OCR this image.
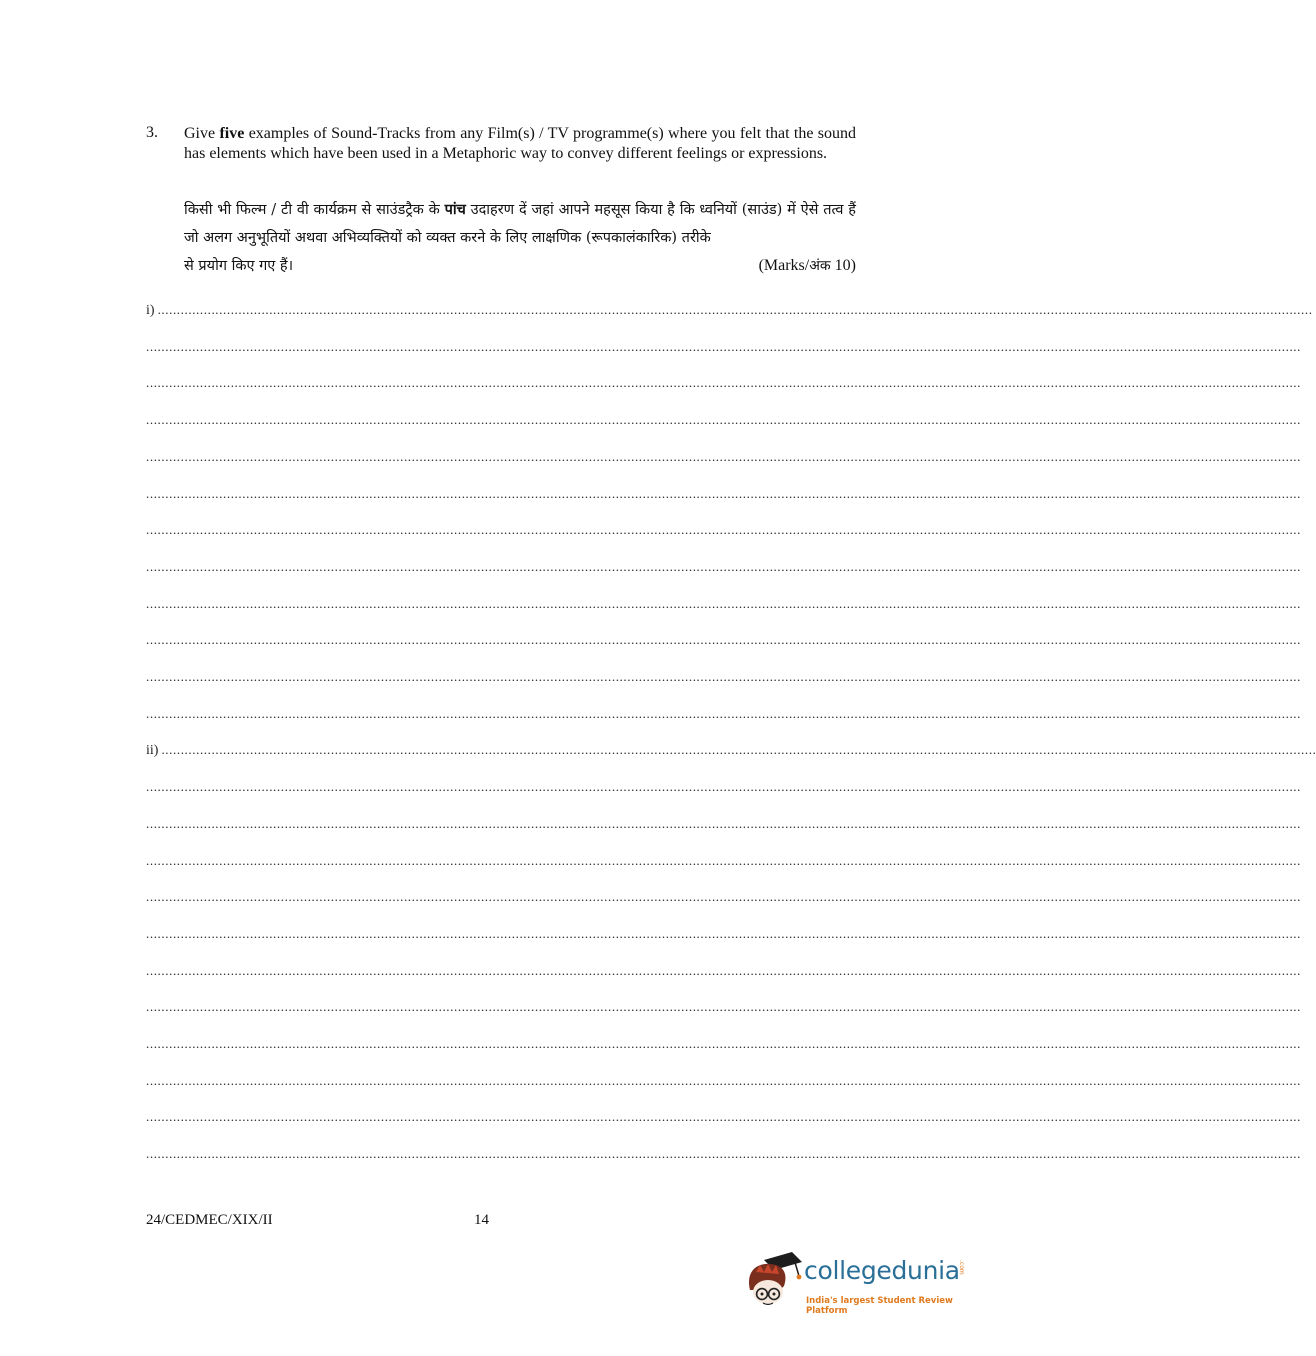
3. Give five examples of Sound-Tracks from any Film(s) / TV programme(s) where you felt that the sound has elements which have been used in a Metaphoric way to convey different feelings or expressions.
किसी भी फिल्म / टी वी कार्यक्रम से साउंडट्रैक के पांच उदाहरण दें जहां आपने महसूस किया है कि ध्वनियों (साउंड) में ऐसे तत्व हैं जो अलग अनुभूतियों अथवा अभिव्यक्तियों को व्यक्त करने के लिए लाक्षणिक (रूपकालंकारिक) तरीके
से प्रयोग किए गए हैं।	(Marks/अंक 10)
i) ............................................................................................................................................................................................................................................................................................................
............................................................................................................................................................................................................................................................................................................
............................................................................................................................................................................................................................................................................................................
............................................................................................................................................................................................................................................................................................................
............................................................................................................................................................................................................................................................................................................
............................................................................................................................................................................................................................................................................................................
............................................................................................................................................................................................................................................................................................................
............................................................................................................................................................................................................................................................................................................
............................................................................................................................................................................................................................................................................................................
............................................................................................................................................................................................................................................................................................................
............................................................................................................................................................................................................................................................................................................
............................................................................................................................................................................................................................................................................................................
ii) ............................................................................................................................................................................................................................................................................................................
............................................................................................................................................................................................................................................................................................................
............................................................................................................................................................................................................................................................................................................
............................................................................................................................................................................................................................................................................................................
............................................................................................................................................................................................................................................................................................................
............................................................................................................................................................................................................................................................................................................
............................................................................................................................................................................................................................................................................................................
............................................................................................................................................................................................................................................................................................................
............................................................................................................................................................................................................................................................................................................
............................................................................................................................................................................................................................................................................................................
............................................................................................................................................................................................................................................................................................................
............................................................................................................................................................................................................................................................................................................
24/CEDMEC/XIX/II	14
collegedunia
.com
India's largest Student Review Platform
